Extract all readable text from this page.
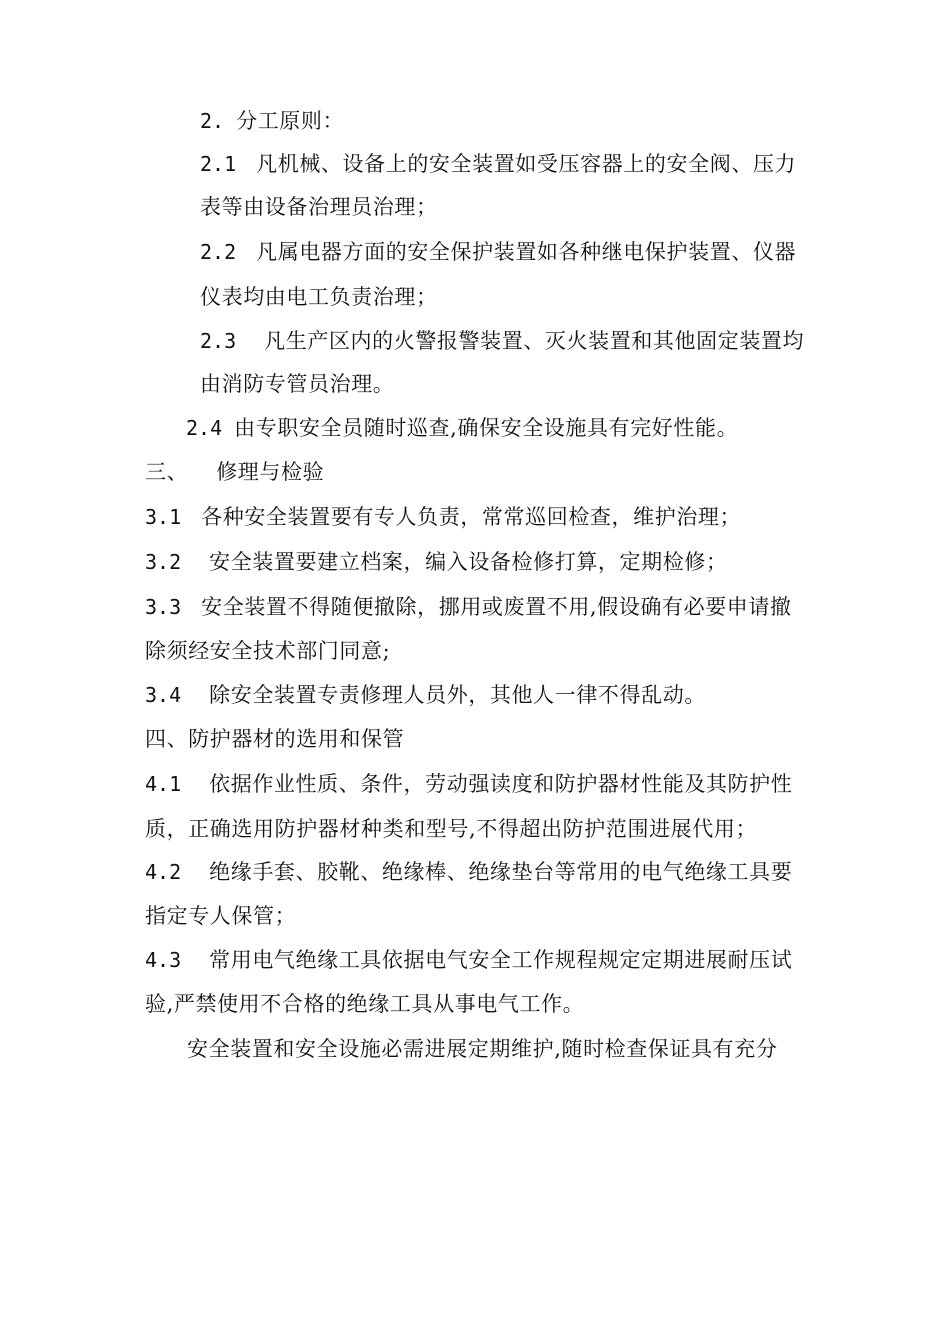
2. 分工原则：
2.1 凡机械、设备上的安全装置如受压容器上的安全阀、压力
表等由设备治理员治理；
2.2 凡属电器方面的安全保护装置如各种继电保护装置、仪器
仪表均由电工负责治理；
2.3 凡生产区内的火警报警装置、灭火装置和其他固定装置均
由消防专管员治理。
2.4 由专职安全员随时巡查,确保安全设施具有完好性能。
三、 修理与检验
3.1 各种安全装置要有专人负责，常常巡回检查，维护治理；
3.2 安全装置要建立档案，编入设备检修打算，定期检修；
3.3 安全装置不得随便撤除，挪用或废置不用,假设确有必要申请撤
除须经安全技术部门同意;
3.4 除安全装置专责修理人员外，其他人一律不得乱动。
四、防护器材的选用和保管
4.1 依据作业性质、条件，劳动强读度和防护器材性能及其防护性
质，正确选用防护器材种类和型号,不得超出防护范围进展代用；
4.2 绝缘手套、胶靴、绝缘棒、绝缘垫台等常用的电气绝缘工具要
指定专人保管；
4.3 常用电气绝缘工具依据电气安全工作规程规定定期进展耐压试
验,严禁使用不合格的绝缘工具从事电气工作。
安全装置和安全设施必需进展定期维护,随时检查保证具有充分
